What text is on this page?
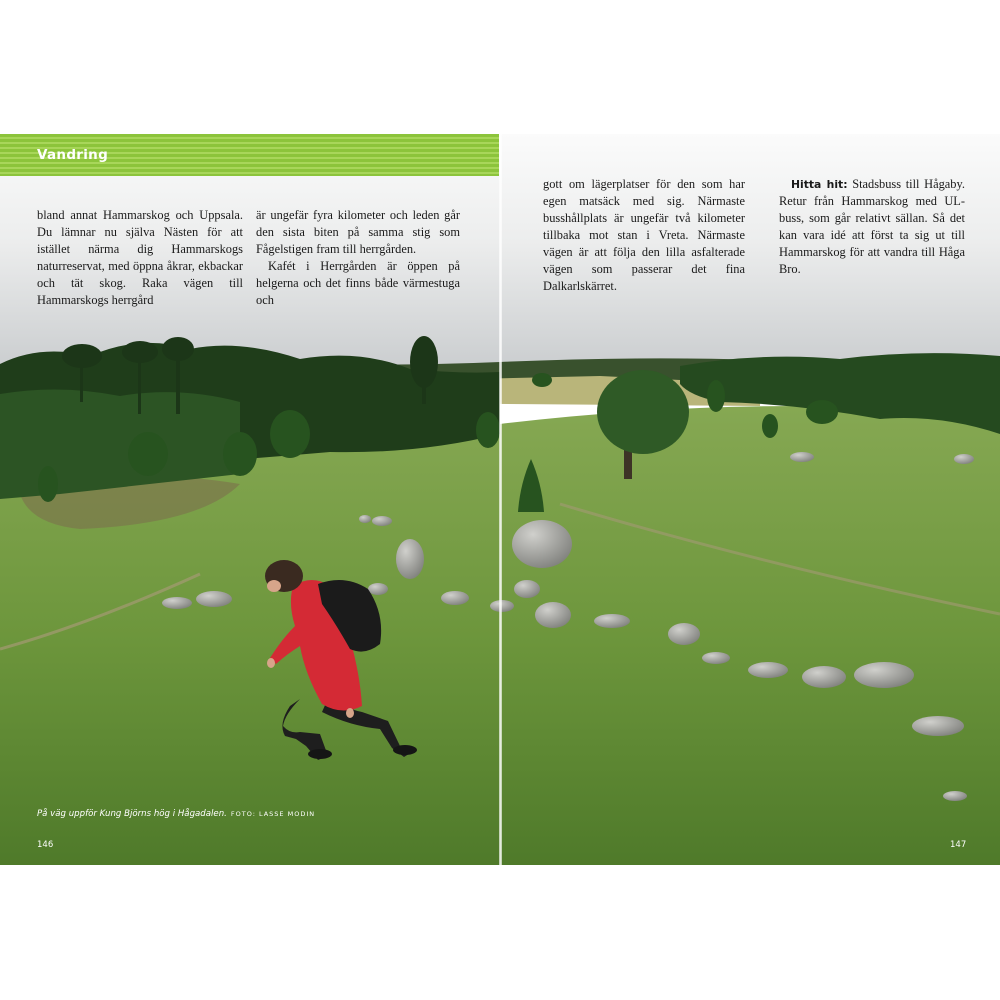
Vandring

bland annat Hammarskog och Uppsala. Du lämnar nu själva Nästen för att istället närma dig Hammarskogs naturreservat, med öppna åkrar, ekbackar och tät skog. Raka vägen till Hammarskogs herrgård

är ungefär fyra kilometer och leden går den sista biten på samma stig som Fågelstigen fram till herrgården.

Kafét i Herrgården är öppen på helgerna och det finns både värmestuga och

gott om lägerplatser för den som har egen matsäck med sig. Närmaste busshållplats är ungefär två kilometer tillbaka mot stan i Vreta. Närmaste vägen är att följa den lilla asfalterade vägen som passerar det fina Dalkarlskärret.

Hitta hit: Stadsbuss till Hågaby. Retur från Hammarskog med UL-buss, som går relativt sällan. Så det kan vara idé att först ta sig ut till Hammarskog för att vandra till Håga Bro.

På väg uppför Kung Björns hög i Hågadalen. FOTO: LASSE MODIN
146	147
